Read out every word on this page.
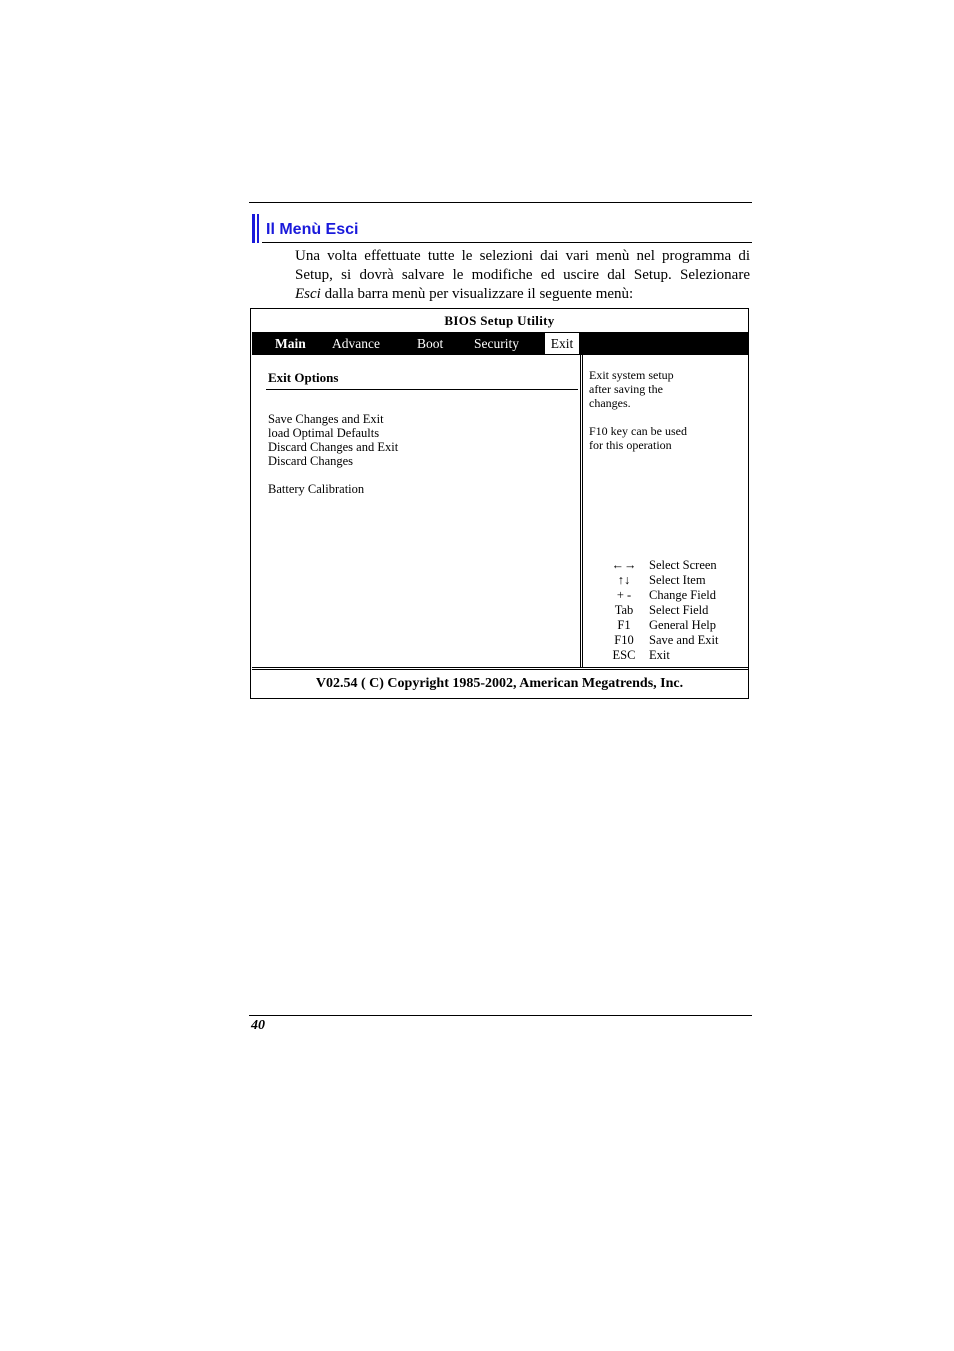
Il Menù Esci
Una volta effettuate tutte le selezioni dai vari menù nel programma di
Setup, si dovrà salvare le modifiche ed uscire dal Setup. Selezionare
Esci dalla barra menù per visualizzare il seguente menù:
BIOS Setup Utility
Main Advance	Boot Security	Exit
Exit Options
Save Changes and Exit
load Optimal Defaults
Discard Changes and Exit
Discard Changes
Battery Calibration
Exit system setup
after saving the
changes.
F10 key can be used
for this operation
←→	Select Screen
↑↓	Select Item
+ -	Change Field
Tab	Select Field
F1	General Help
F10	Save and Exit
ESC	Exit
V02.54 ( C) Copyright 1985-2002, American Megatrends, Inc.
40
